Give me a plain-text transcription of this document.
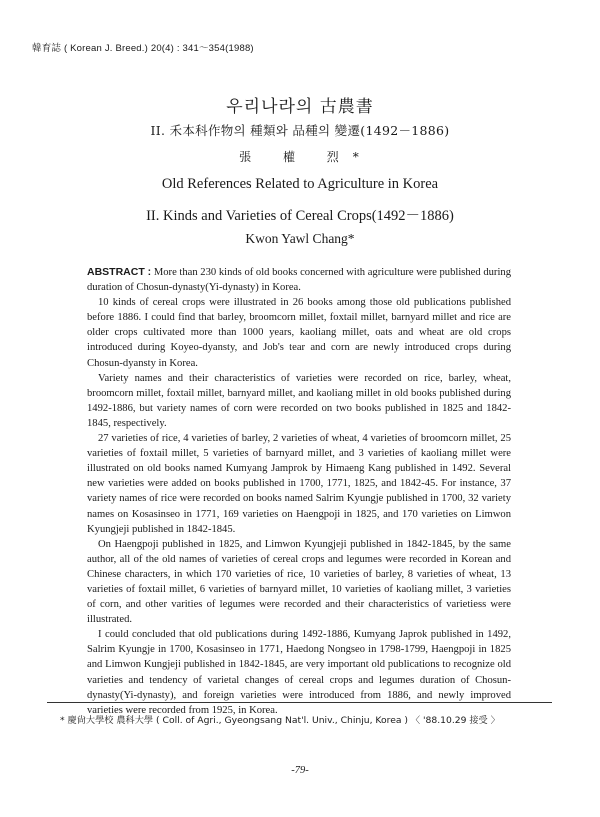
韓育誌 ( Korean J. Breed.) 20(4) : 341～354(1988)
우리나라의 古農書
II. 禾本科作物의 種類와 品種의 變遷(1492－1886)
張 權 烈*
Old References Related to Agriculture in Korea
II. Kinds and Varieties of Cereal Crops(1492－1886)
Kwon Yawl Chang*

ABSTRACT : More than 230 kinds of old books concerned with agriculture were published during duration of Chosun-dynasty(Yi-dynasty) in Korea.

10 kinds of cereal crops were illustrated in 26 books among those old publications published before 1886. I could find that barley, broomcorn millet, foxtail millet, barnyard millet and rice are older crops cultivated more than 1000 years, kaoliang millet, oats and wheat are old crops introduced during Koyeo-dyansty, and Job's tear and corn are newly introduced crops during Chosun-dyansty in Korea.

Variety names and their characteristics of varieties were recorded on rice, barley, wheat, broomcorn millet, foxtail millet, barnyard millet, and kaoliang millet in old books published during 1492-1886, but variety names of corn were recorded on two books published in 1825 and 1842-1845, respectively.

27 varieties of rice, 4 varieties of barley, 2 varieties of wheat, 4 varieties of broomcorn millet, 25 varieties of foxtail millet, 5 varieties of barnyard millet, and 3 varieties of kaoliang millet were illustrated on old books named Kumyang Jamprok by Himaeng Kang published in 1492. Several new varieties were added on books published in 1700, 1771, 1825, and 1842-45. For instance, 37 variety names of rice were recorded on books named Salrim Kyungje published in 1700, 32 variety names on Kosasinseo in 1771, 169 varieties on Haengpoji in 1825, and 170 varieties on Limwon Kyungjeji published in 1842-1845.

On Haengpoji published in 1825, and Limwon Kyungjeji published in 1842-1845, by the same author, all of the old names of varieties of cereal crops and legumes were recorded in Korean and Chinese characters, in which 170 varieties of rice, 10 varieties of barley, 8 varieties of wheat, 13 varieties of foxtail millet, 6 varieties of barnyard millet, 10 varieties of kaoliang millet, 3 varieties of corn, and other varities of legumes were recorded and their characteristics of varietiess were illustrated.

I could concluded that old publications during 1492-1886, Kumyang Japrok published in 1492, Salrim Kyungje in 1700, Kosasinseo in 1771, Haedong Nongseo in 1798-1799, Haengpoji in 1825 and Limwon Kungjeji published in 1842-1845, are very important old publications to recognize old varieties and tendency of varietal changes of cereal crops and legumes duration of Chosun-dynasty(Yi-dynasty), and foreign varieties were introduced from 1886, and newly improved varieties were recorded from 1925, in Korea.

* 慶尙大學校 農科大學 ( Coll. of Agri., Gyeongsang Nat'l. Univ., Chinju, Korea ) 〈 '88.10.29 接受 〉
-79-
